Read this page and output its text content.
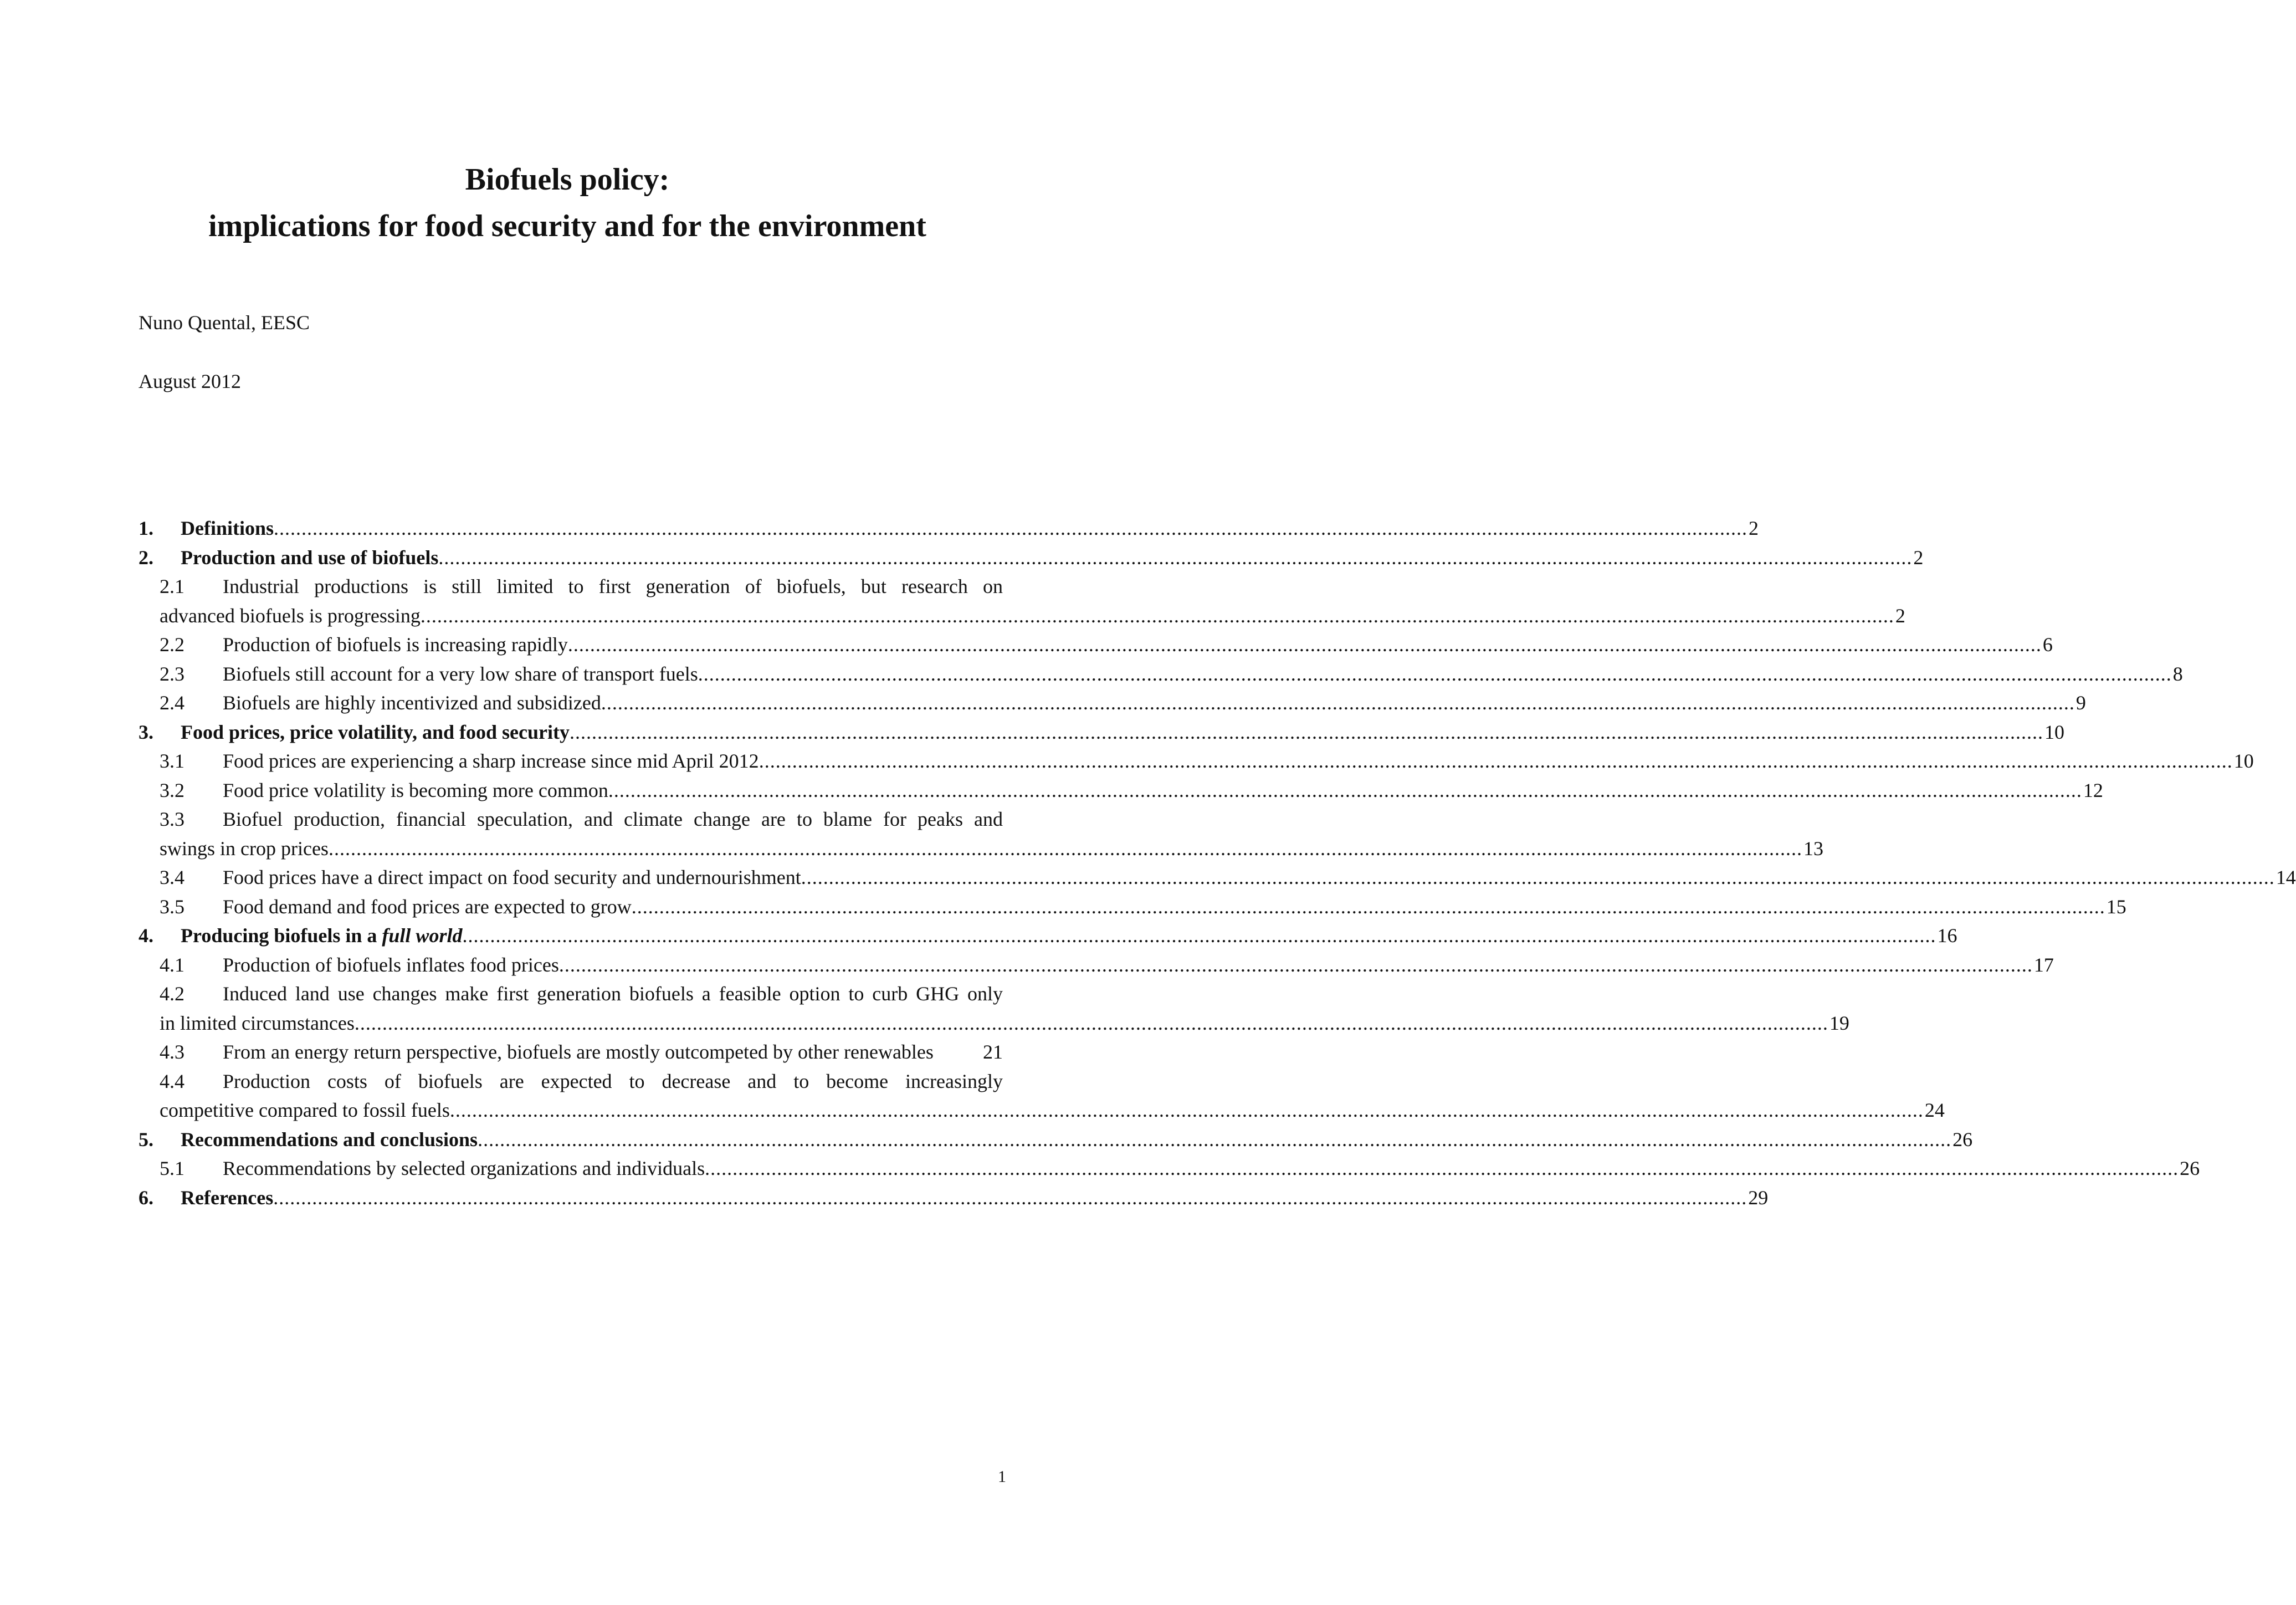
Biofuels policy:
implications for food security and for the environment
Nuno Quental, EESC
August 2012
1.	Definitions .....	2
2.	Production and use of biofuels .....	2
2.1	Industrial productions is still limited to first generation of biofuels, but research on
advanced biofuels is progressing .....	2
2.2	Production of biofuels is increasing rapidly .....	6
2.3	Biofuels still account for a very low share of transport fuels .....	8
2.4	Biofuels are highly incentivized and subsidized .....	9
3.	Food prices, price volatility, and food security .....	10
3.1	Food prices are experiencing a sharp increase since mid April 2012 .....	10
3.2	Food price volatility is becoming more common .....	12
3.3	Biofuel production, financial speculation, and climate change are to blame for peaks and
swings in crop prices .....	13
3.4	Food prices have a direct impact on food security and undernourishment .....	14
3.5	Food demand and food prices are expected to grow .....	15
4.	Producing biofuels in a full world .....	16
4.1	Production of biofuels inflates food prices .....	17
4.2	Induced land use changes make first generation biofuels a feasible option to curb GHG only
in limited circumstances .....	19
4.3	From an energy return perspective, biofuels are mostly outcompeted by other renewables 21
4.4	Production costs of biofuels are expected to decrease and to become increasingly
competitive compared to fossil fuels .....	24
5.	Recommendations and conclusions .....	26
5.1	Recommendations by selected organizations and individuals .....	26
6.	References .....	29
1
